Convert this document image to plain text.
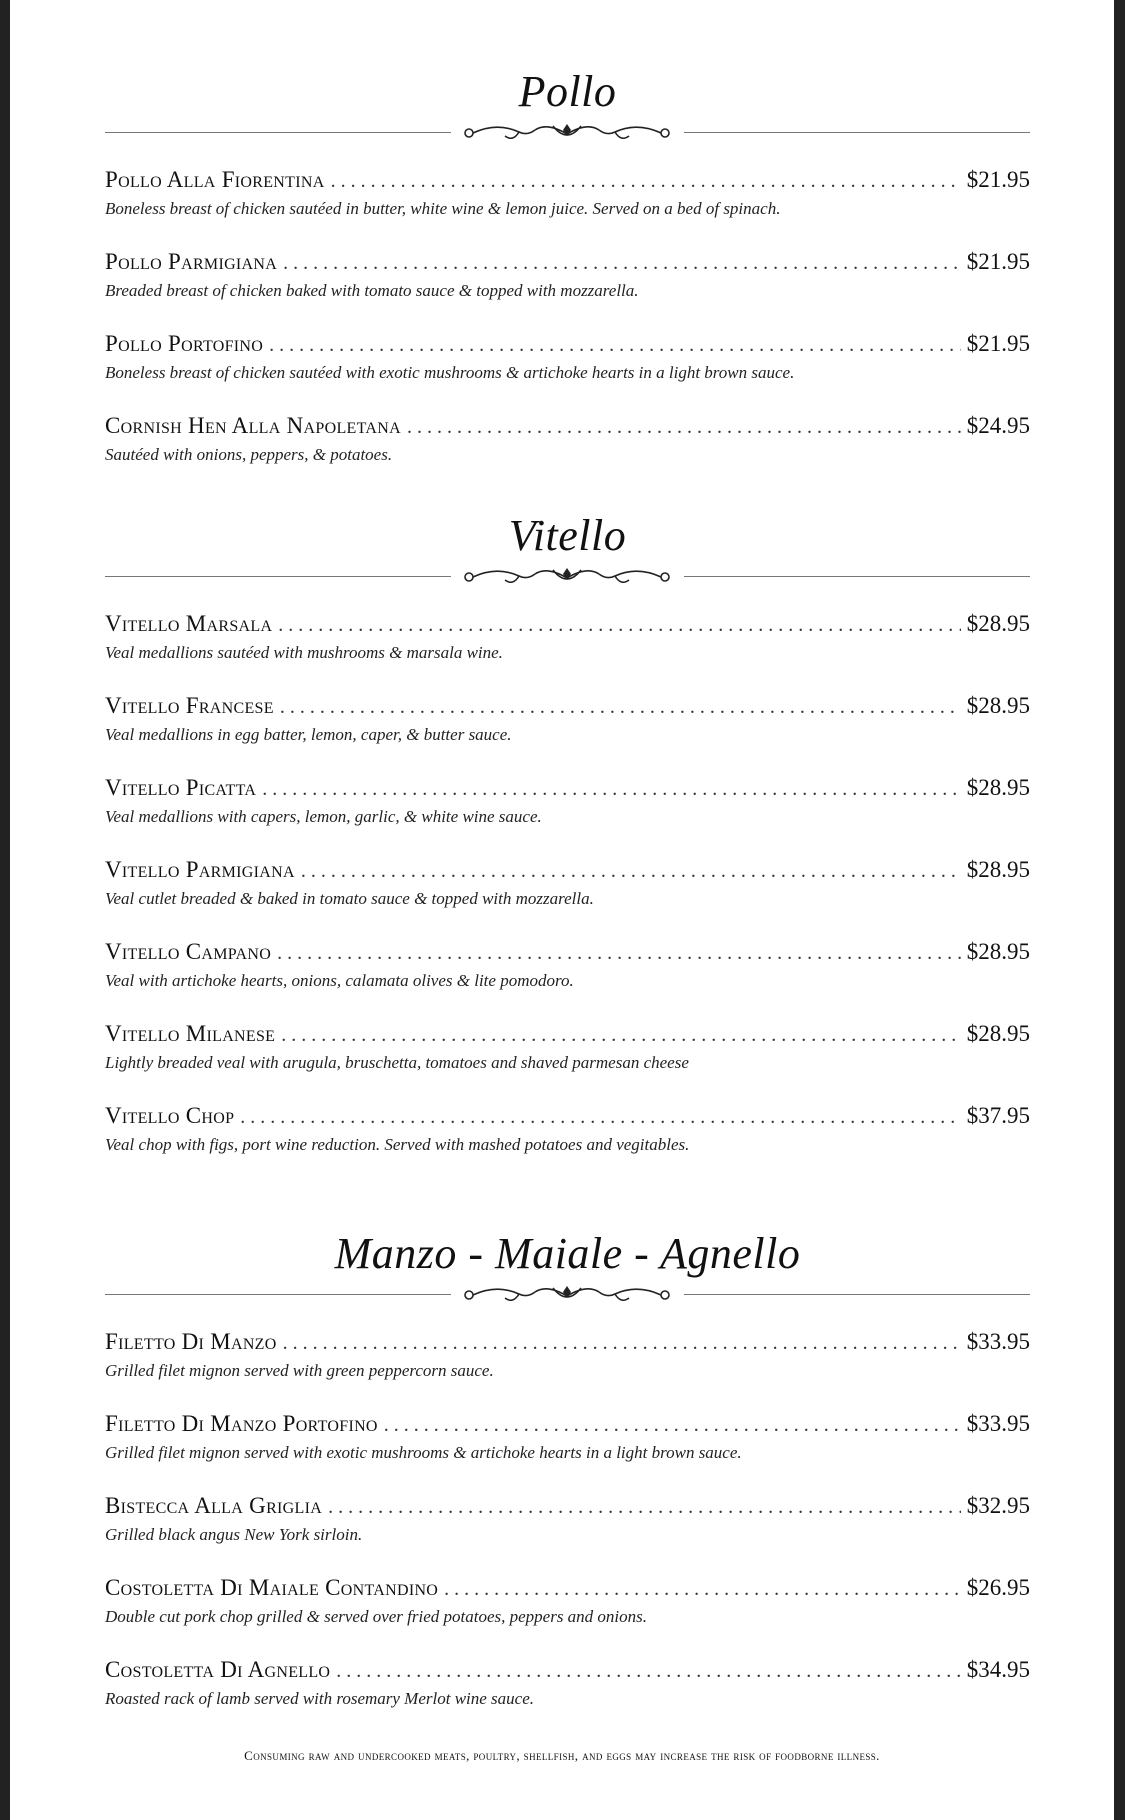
Pollo
Pollo Alla Fiorentina . . .	$21.95
Boneless breast of chicken sautéed in butter, white wine & lemon juice. Served on a bed of spinach.
Pollo Parmigiana . . .	$21.95
Breaded breast of chicken baked with tomato sauce & topped with mozzarella.
Pollo Portofino . . .	$21.95
Boneless breast of chicken sautéed with exotic mushrooms & artichoke hearts in a light brown sauce.
Cornish Hen Alla Napoletana . . .	$24.95
Sautéed with onions, peppers, & potatoes.
Vitello
Vitello Marsala . . .	$28.95
Veal medallions sautéed with mushrooms & marsala wine.
Vitello Francese . . .	$28.95
Veal medallions in egg batter, lemon, caper, & butter sauce.
Vitello Picatta . . .	$28.95
Veal medallions with capers, lemon, garlic, & white wine sauce.
Vitello Parmigiana . . .	$28.95
Veal cutlet breaded & baked in tomato sauce & topped with mozzarella.
Vitello Campano . . .	$28.95
Veal with artichoke hearts, onions, calamata olives & lite pomodoro.
Vitello Milanese . . .	$28.95
Lightly breaded veal with arugula, bruschetta, tomatoes and shaved parmesan cheese
Vitello Chop . . .	$37.95
Veal chop with figs, port wine reduction. Served with mashed potatoes and vegitables.
Manzo - Maiale - Agnello
Filetto Di Manzo . . .	$33.95
Grilled filet mignon served with green peppercorn sauce.
Filetto Di Manzo Portofino . . .	$33.95
Grilled filet mignon served with exotic mushrooms & artichoke hearts in a light brown sauce.
Bistecca Alla Griglia . . .	$32.95
Grilled black angus New York sirloin.
Costoletta Di Maiale Contandino . . .	$26.95
Double cut pork chop grilled & served over fried potatoes, peppers and onions.
Costoletta Di Agnello . . .	$34.95
Roasted rack of lamb served with rosemary Merlot wine sauce.
Consuming raw and undercooked meats, poultry, shellfish, and eggs may increase the risk of foodborne illness.
